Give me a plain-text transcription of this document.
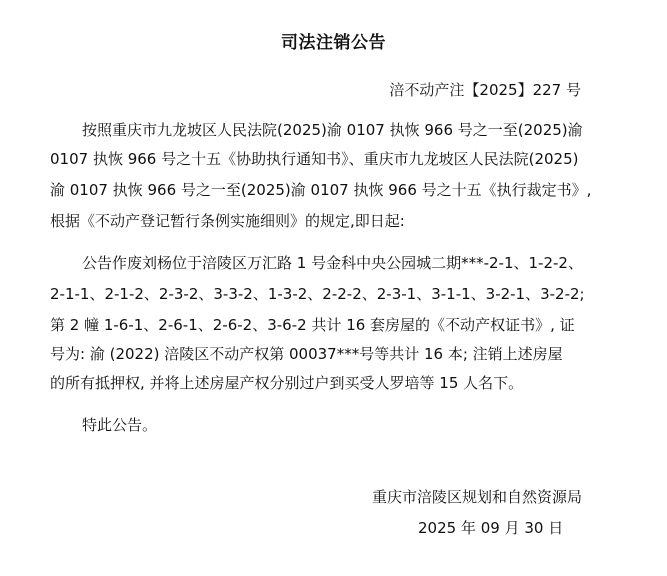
司法注销公告
涪不动产注【2025】227 号
按照重庆市九龙坡区人民法院(2025)渝 0107 执恢 966 号之一至(2025)渝
0107 执恢 966 号之十五《协助执行通知书》、重庆市九龙坡区人民法院(2025)
渝 0107 执恢 966 号之一至(2025)渝 0107 执恢 966 号之十五《执行裁定书》,
根据《不动产登记暂行条例实施细则》的规定,即日起:
公告作废刘杨位于涪陵区万汇路 1 号金科中央公园城二期***-2-1、1-2-2、
2-1-1、2-1-2、2-3-2、3-3-2、1-3-2、2-2-2、2-3-1、3-1-1、3-2-1、3-2-2;
第 2 幢 1-6-1、2-6-1、2-6-2、3-6-2 共计 16 套房屋的《不动产权证书》, 证
号为: 渝 (2022) 涪陵区不动产权第 00037***号等共计 16 本; 注销上述房屋
的所有抵押权, 并将上述房屋产权分别过户到买受人罗培等 15 人名下。
特此公告。
重庆市涪陵区规划和自然资源局
2025 年 09 月 30 日
